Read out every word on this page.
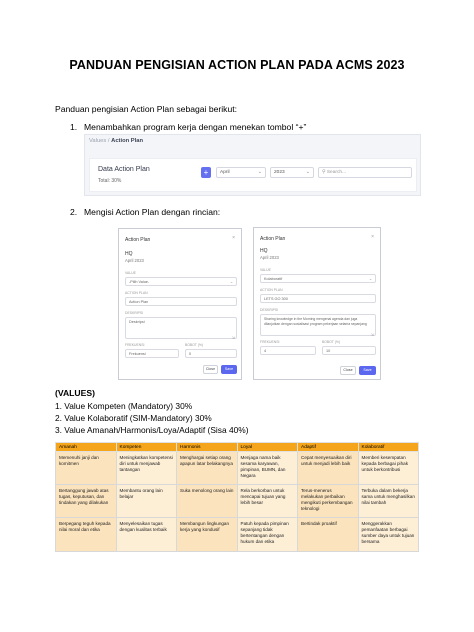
PANDUAN PENGISIAN ACTION PLAN PADA ACMS 2023
Panduan pengisian Action Plan sebagai berikut:
1. Menambahkan program kerja dengan menekan tombol “+”
Values / Action Plan
Data Action Plan
Total: 30%
+	April	⌄	2023	⌄	⚲ Search...
2. Mengisi Action Plan dengan rincian:
Action Plan	×
HQ
April 2023
VALUE
-Pilih Value-	⌄
ACTION PLAN
Action Plan
DESKRIPSI
Deskripsi
⇲
FREKUENSI	BOBOT (%)
Frekuensi	0
Close	Save
Action Plan	×
HQ
April 2023
VALUE
Kolaboratif	⌄
ACTION PLAN
LETS GO 300
DESKRIPSI
Sharing knowledge in the Morning mengenai agenda dan juga dilanjutkan dengan sosialisasi program pekerjaan selama sepanjang
⇲
FREKUENSI	BOBOT (%)
4	10
Close	Save
(VALUES)
1. Value Kompeten (Mandatory) 30%
2. Value Kolaboratif (SIM-Mandatory) 30%
3. Value Amanah/Harmonis/Loya/Adaptif (Sisa 40%)
Amanah	Kompeten	Harmonis	Loyal	Adaptif	Kolaboratif
Memenuhi janji dan komitmen	Meningkatkan kompetensi diri untuk menjawab tantangan	Menghargai setiap orang apapun latar belakangnya	Menjaga nama baik sesama karyawan, pimpinan, BUMN, dan Negara	Cepat menyesuaikan diri untuk menjadi lebih baik	Memberi kesempatan kepada berbagai pihak untuk berkontribusi
Bertanggung jawab atas tugas, keputusan, dan tindakan yang dilakukan	Membantu orang lain belajar	Suka menolong orang lain	Rela berkorban untuk mencapai tujuan yang lebih besar	Terus-menerus melakukan perbaikan mengikuti perkembangan teknologi	Terbuka dalam bekerja sama untuk menghasilkan nilai tambah
Berpegang teguh kepada nilai moral dan etika	Menyelesaikan tugas dengan kualitas terbaik	Membangun lingkungan kerja yang kondusif	Patuh kepada pimpinan sepanjang tidak bertentangan dengan hukum dan etika	Bertindak proaktif	Menggerakkan pemanfaatan berbagai sumber daya untuk tujuan bersama
